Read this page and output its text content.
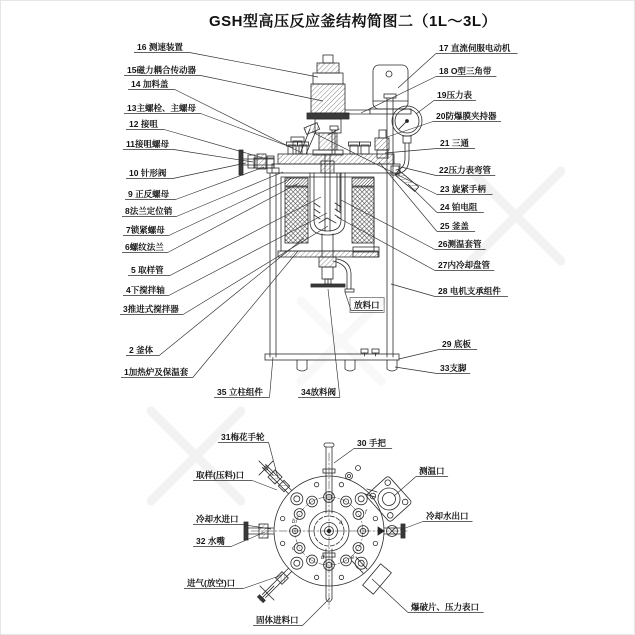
GSH型高压反应釜结构简图二（1L～3L）
16 测速装置
15磁力耦合传动器
14 加料盖
13主螺栓、主螺母
12 接咀
11接咀螺母
10 针形阀
9 正反螺母
8法兰定位销
7锁紧螺母
6螺纹法兰
5 取样管
4下搅拌轴
3推进式搅拌器
2 釜体
1加热炉及保温套
35 立柱组件	34放料阀
17 直流伺服电动机
18 O型三角带
19压力表
20防爆膜夹持器
21 三通
22压力表弯管
23 旋紧手柄
24 铂电阻
25 釜盖
26测温套管
27内冷却盘管
28 电机支承组件
29 底板
33支脚
放料口
31梅花手轮
30 手把
取样(压料)口	测温口
冷却水进口	冷却水出口
32 水嘴
进气(放空)口
固体进料口
爆破片、压力表口
a
b
c
d	e
f
